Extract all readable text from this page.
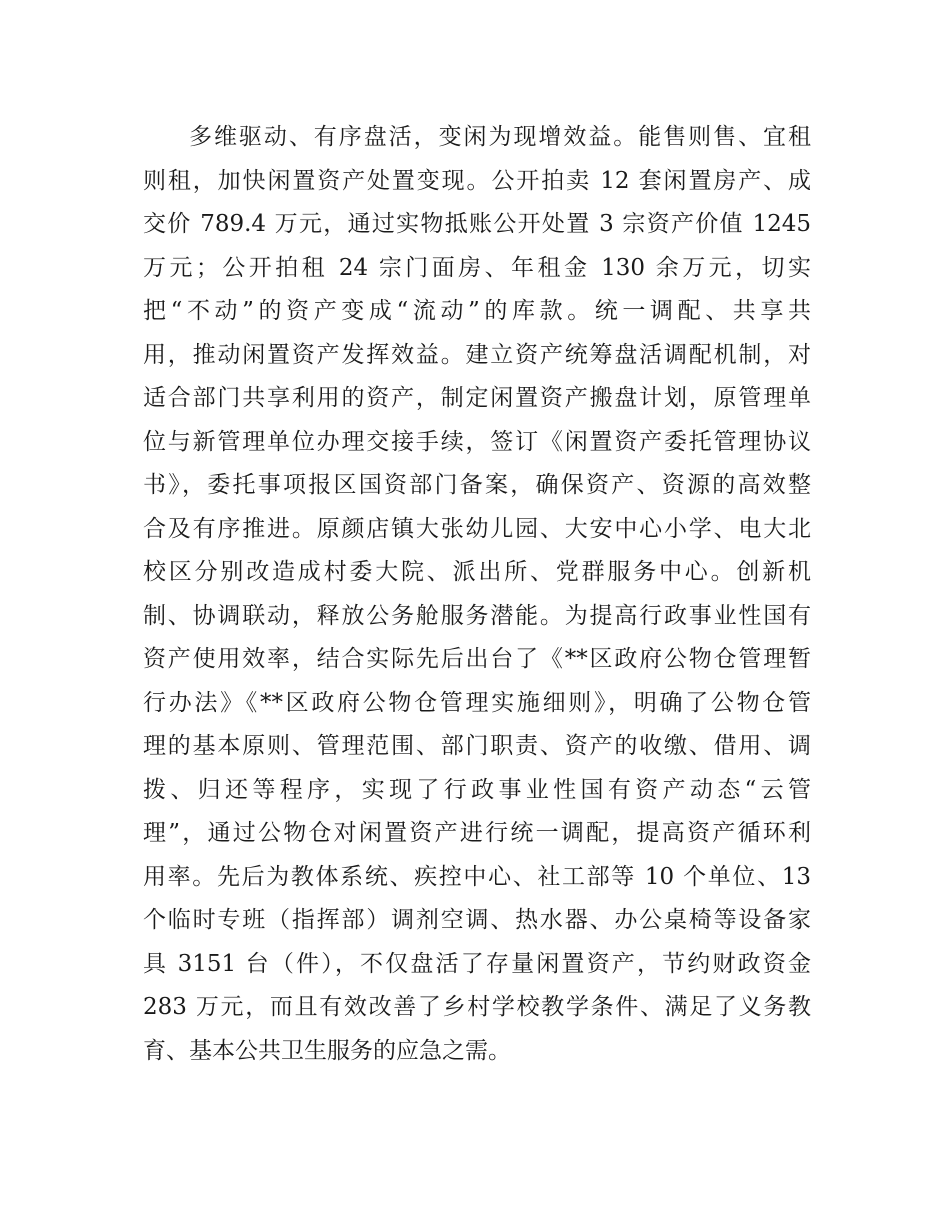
多维驱动、有序盘活，变闲为现增效益。能售则售、宜租
则租，加快闲置资产处置变现。公开拍卖 12 套闲置房产、成
交价 789.4 万元，通过实物抵账公开处置 3 宗资产价值 1245
万元；公开拍租 24 宗门面房、年租金 130 余万元，切实
把“不动”的资产变成“流动”的库款。统一调配、共享共
用，推动闲置资产发挥效益。建立资产统筹盘活调配机制，对
适合部门共享利用的资产，制定闲置资产搬盘计划，原管理单
位与新管理单位办理交接手续，签订《闲置资产委托管理协议
书》，委托事项报区国资部门备案，确保资产、资源的高效整
合及有序推进。原颜店镇大张幼儿园、大安中心小学、电大北
校区分别改造成村委大院、派出所、党群服务中心。创新机
制、协调联动，释放公务舱服务潜能。为提高行政事业性国有
资产使用效率，结合实际先后出台了《**区政府公物仓管理暂
行办法》《**区政府公物仓管理实施细则》，明确了公物仓管
理的基本原则、管理范围、部门职责、资产的收缴、借用、调
拨、归还等程序，实现了行政事业性国有资产动态“云管
理”，通过公物仓对闲置资产进行统一调配，提高资产循环利
用率。先后为教体系统、疾控中心、社工部等 10 个单位、13
个临时专班（指挥部）调剂空调、热水器、办公桌椅等设备家
具 3151 台（件），不仅盘活了存量闲置资产，节约财政资金
283 万元，而且有效改善了乡村学校教学条件、满足了义务教
育、基本公共卫生服务的应急之需。
